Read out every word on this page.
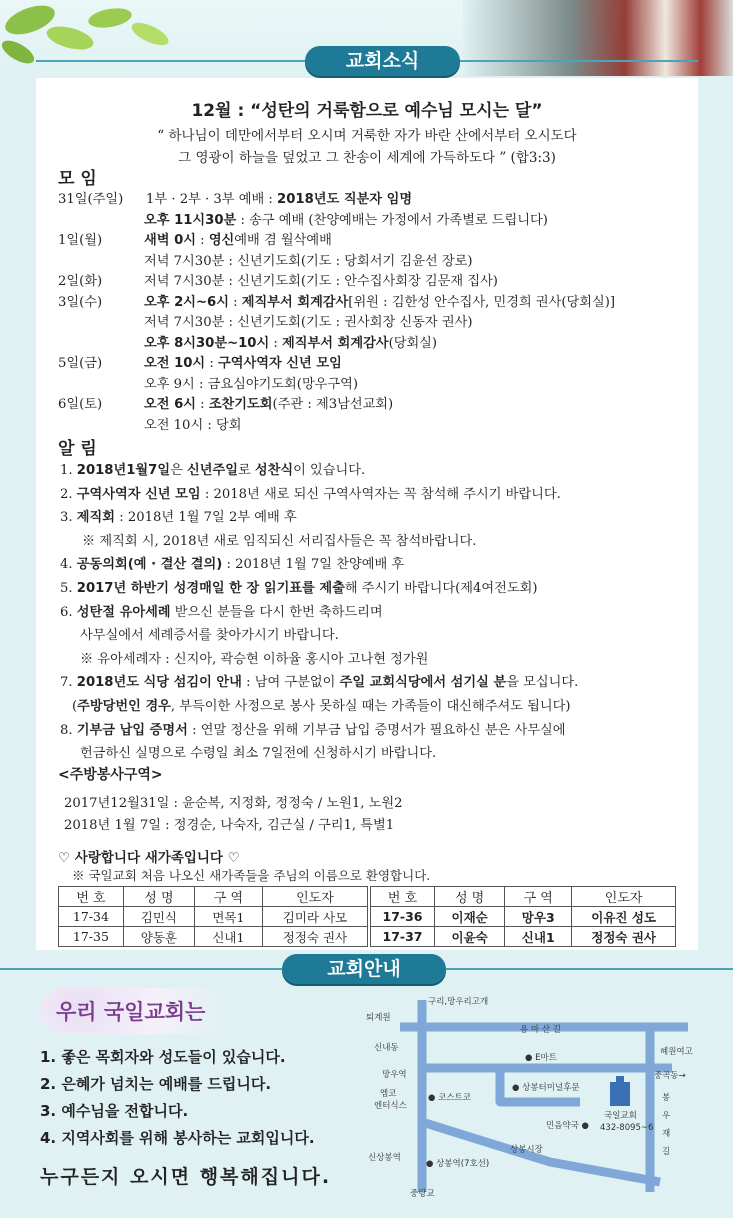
교회소식
12월 : “성탄의 거룩함으로 예수님 모시는 달”
“ 하나님이 데만에서부터 오시며 거룩한 자가 바란 산에서부터 오시도다
그 영광이 하늘을 덮었고 그 찬송이 세계에 가득하도다 ” (합3:3)
모임
31일(주일) 1부 · 2부 · 3부 예배 : 2018년도 직분자 임명
오후 11시30분 : 송구 예배 (찬양예배는 가정에서 가족별로 드립니다)
1일(월)	새벽 0시 : 영신예배 겸 월삭예배
저녁 7시30분 : 신년기도회(기도 : 당회서기 김윤선 장로)
2일(화)	저녁 7시30분 : 신년기도회(기도 : 안수집사회장 김문재 집사)
3일(수)	오후 2시~6시 : 제직부서 회계감사[위원 : 김한성 안수집사, 민경희 권사(당회실)]
저녁 7시30분 : 신년기도회(기도 : 권사회장 신동자 권사)
오후 8시30분~10시 : 제직부서 회계감사(당회실)
5일(금)	오전 10시 : 구역사역자 신년 모임
오후 9시 : 금요심야기도회(망우구역)
6일(토)	오전 6시 : 조찬기도회(주관 : 제3남선교회)
오전 10시 : 당회
알림
1. 2018년1월7일은 신년주일로 성찬식이 있습니다.
2. 구역사역자 신년 모임 : 2018년 새로 되신 구역사역자는 꼭 참석해 주시기 바랍니다.
3. 제직회 : 2018년 1월 7일 2부 예배 후
※ 제직회 시, 2018년 새로 임직되신 서리집사들은 꼭 참석바랍니다.
4. 공동의회(예 · 결산 결의) : 2018년 1월 7일 찬양예배 후
5. 2017년 하반기 성경매일 한 장 읽기표를 제출해 주시기 바랍니다(제4여전도회)
6. 성탄절 유아세례 받으신 분들을 다시 한번 축하드리며
사무실에서 세례증서를 찾아가시기 바랍니다.
※ 유아세례자 : 신지아, 곽승현 이하율 홍시아 고나현 정가원
7. 2018년도 식당 섬김이 안내 : 남여 구분없이 주일 교회식당에서 섬기실 분을 모십니다.
(주방당번인 경우, 부득이한 사정으로 봉사 못하실 때는 가족들이 대신해주셔도 됩니다)
8. 기부금 납입 증명서 : 연말 정산을 위해 기부금 납입 증명서가 필요하신 분은 사무실에
헌금하신 실명으로 수령일 최소 7일전에 신청하시기 바랍니다.
<주방봉사구역>
2017년12월31일 : 윤순복, 지정화, 정정숙 / 노원1, 노원2
2018년 1월 7일 : 정경순, 나숙자, 김근실 / 구리1, 특별1
♡ 사랑합니다 새가족입니다 ♡
※ 국일교회 처음 나오신 새가족들을 주님의 이름으로 환영합니다.
번 호	성 명	구 역	인도자
17-34	김민식	면목1	김미라 사모
17-35	양동훈	신내1	정정숙 권사
번 호	성 명	구 역	인도자
17-36	이재순	망우3	이유진 성도
17-37	이윤숙	신내1	정정숙 권사
교회안내
우리 국일교회는
1. 좋은 목회자와 성도들이 있습니다.
2. 은혜가 넘치는 예배를 드립니다.
3. 예수님을 전합니다.
4. 지역사회를 위해 봉사하는 교회입니다.
누구든지 오시면 행복해집니다.
구리,망우리고개
퇴계원
용 마 산 길
신내동	혜원여고
● E마트
망우역	중곡동→
엠코
엔터식스
● 코스트코
● 상봉터미널후문
국일교회
432-8095~6
민음약국 ●
봉
우
재
길
상봉시장
신상봉역
● 상봉역(7호선)
중랑교
